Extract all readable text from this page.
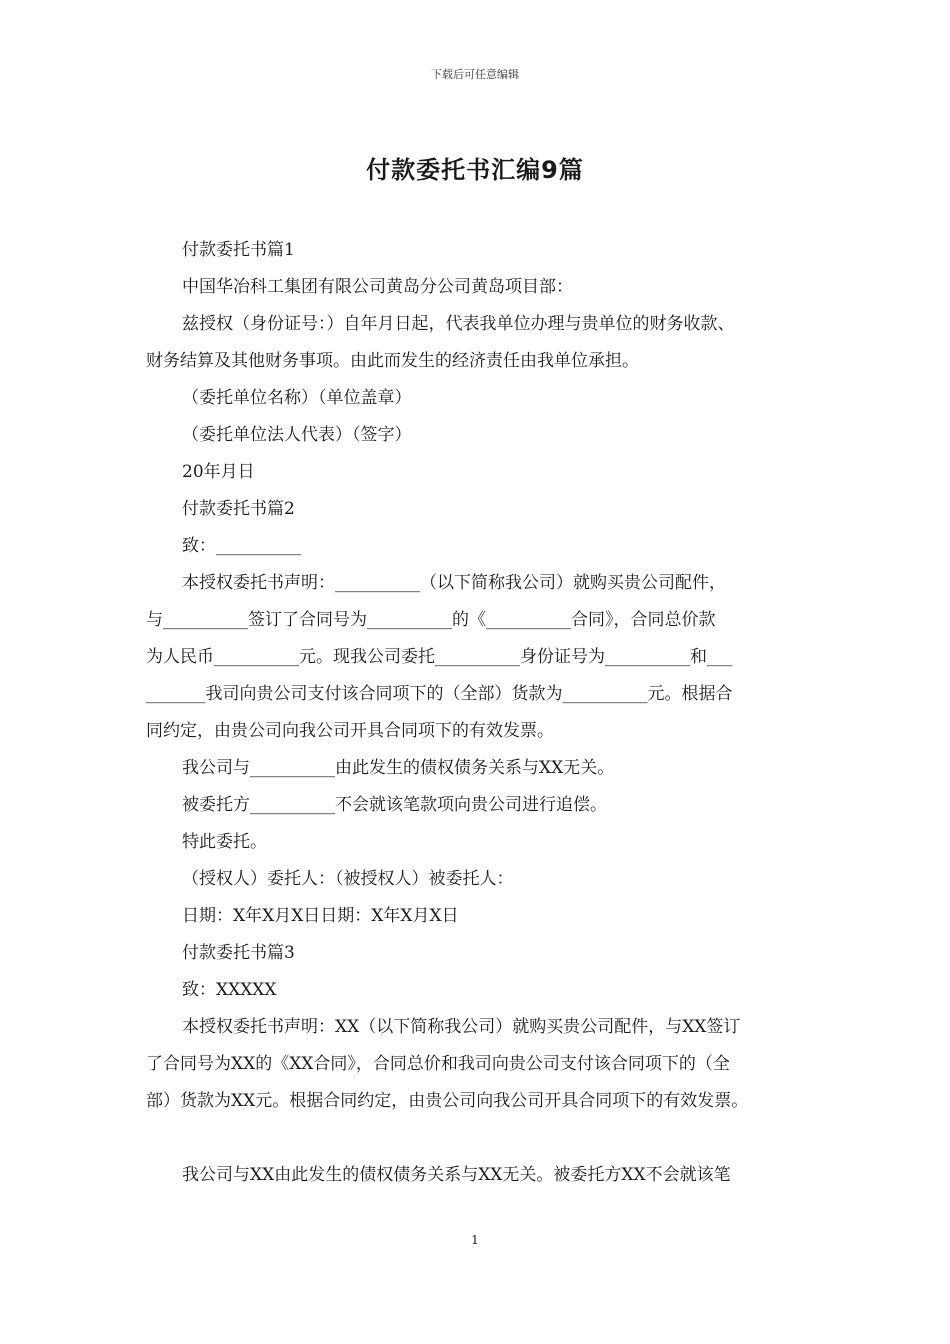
下载后可任意编辑
付款委托书汇编9篇

付款委托书篇1

中国华冶科工集团有限公司黄岛分公司黄岛项目部：

兹授权（身份证号：）自年月日起，代表我单位办理与贵单位的财务收款、

财务结算及其他财务事项。由此而发生的经济责任由我单位承担。

（委托单位名称）（单位盖章）

（委托单位法人代表）（签字）

20年月日

付款委托书篇2

致：__________

本授权委托书声明：__________（以下简称我公司）就购买贵公司配件，

与__________签订了合同号为__________的《__________合同》，合同总价款

为人民币__________元。现我公司委托__________身份证号为__________和___

_______我司向贵公司支付该合同项下的（全部）货款为__________元。根据合

同约定，由贵公司向我公司开具合同项下的有效发票。

我公司与__________由此发生的债权债务关系与XX无关。

被委托方__________不会就该笔款项向贵公司进行追偿。

特此委托。

（授权人）委托人：（被授权人）被委托人：

日期：X年X月X日日期：X年X月X日

付款委托书篇3

致：XXXXX

本授权委托书声明：XX（以下简称我公司）就购买贵公司配件，与XX签订

了合同号为XX的《XX合同》，合同总价和我司向贵公司支付该合同项下的（全

部）货款为XX元。根据合同约定，由贵公司向我公司开具合同项下的有效发票。

我公司与XX由此发生的债权债务关系与XX无关。被委托方XX不会就该笔

1
